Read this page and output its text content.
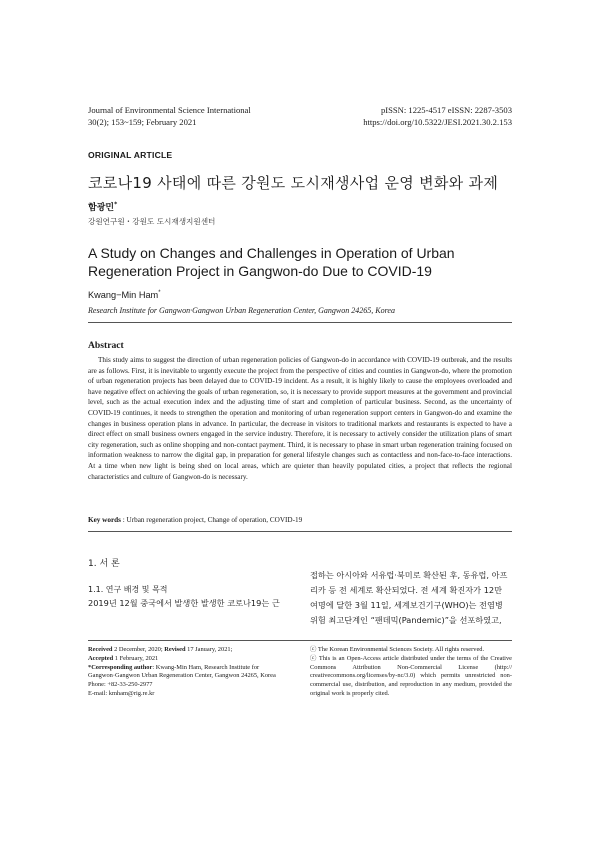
Journal of Environmental Science International
30(2); 153~159; February 2021
pISSN: 1225-4517 eISSN: 2287-3503
https://doi.org/10.5322/JESI.2021.30.2.153
ORIGINAL ARTICLE
코로나19 사태에 따른 강원도 도시재생사업 운영 변화와 과제
함광민*
강원연구원・강원도 도시재생지원센터
A Study on Changes and Challenges in Operation of Urban Regeneration Project in Gangwon-do Due to COVID-19
Kwang−Min Ham*
Research Institute for Gangwon·Gangwon Urban Regeneration Center, Gangwon 24265, Korea
Abstract

This study aims to suggest the direction of urban regeneration policies of Gangwon-do in accordance with COVID-19 outbreak, and the results are as follows. First, it is inevitable to urgently execute the project from the perspective of cities and counties in Gangwon-do, where the promotion of urban regeneration projects has been delayed due to COVID-19 incident. As a result, it is highly likely to cause the employees overloaded and have negative effect on achieving the goals of urban regeneration, so, it is necessary to provide support measures at the government and provincial level, such as the actual execution index and the adjusting time of start and completion of particular business. Second, as the uncertainty of COVID-19 continues, it needs to strengthen the operation and monitoring of urban regeneration support centers in Gangwon-do and examine the changes in business operation plans in advance. In particular, the decrease in visitors to traditional markets and restaurants is expected to have a direct effect on small business owners engaged in the service industry. Therefore, it is necessary to actively consider the utilization plans of smart city regeneration, such as online shopping and non-contact payment. Third, it is necessary to phase in smart urban regeneration training focused on information weakness to narrow the digital gap, in preparation for general lifestyle changes such as contactless and non-face-to-face interactions. At a time when new light is being shed on local areas, which are quieter than heavily populated cities, a project that reflects the regional characteristics and culture of Gangwon-do is necessary.

Key words : Urban regeneration project, Change of operation, COVID-19
1. 서 론
1.1. 연구 배경 및 목적
2019년 12월 중국에서 발생한 발생한 코로나19는 근
접하는 아시아와 서유럽·북미로 확산된 후, 동유럽, 아프
리카 등 전 세계로 확산되었다. 전 세계 확진자가 12만
여명에 달한 3월 11일, 세계보건기구(WHO)는 전염병
위험 최고단계인 “팬데믹(Pandemic)”을 선포하였고,
Received 2 December, 2020; Revised 17 January, 2021;
Accepted 1 February, 2021
*Corresponding author: Kwang-Min Ham, Research Institute for Gangwon·Gangwon Urban Regeneration Center, Gangwon 24265, Korea
Phone: +82-33-250-2977
E-mail: kmham@rig.re.kr
ⓒ The Korean Environmental Sciences Society. All rights reserved.
ⓒ This is an Open-Access article distributed under the terms of the Creative Commons Attribution Non-Commercial License (http:// creativecommons.org/licenses/by-nc/3.0) which permits unrestricted non-commercial use, distribution, and reproduction in any medium, provided the original work is properly cited.
